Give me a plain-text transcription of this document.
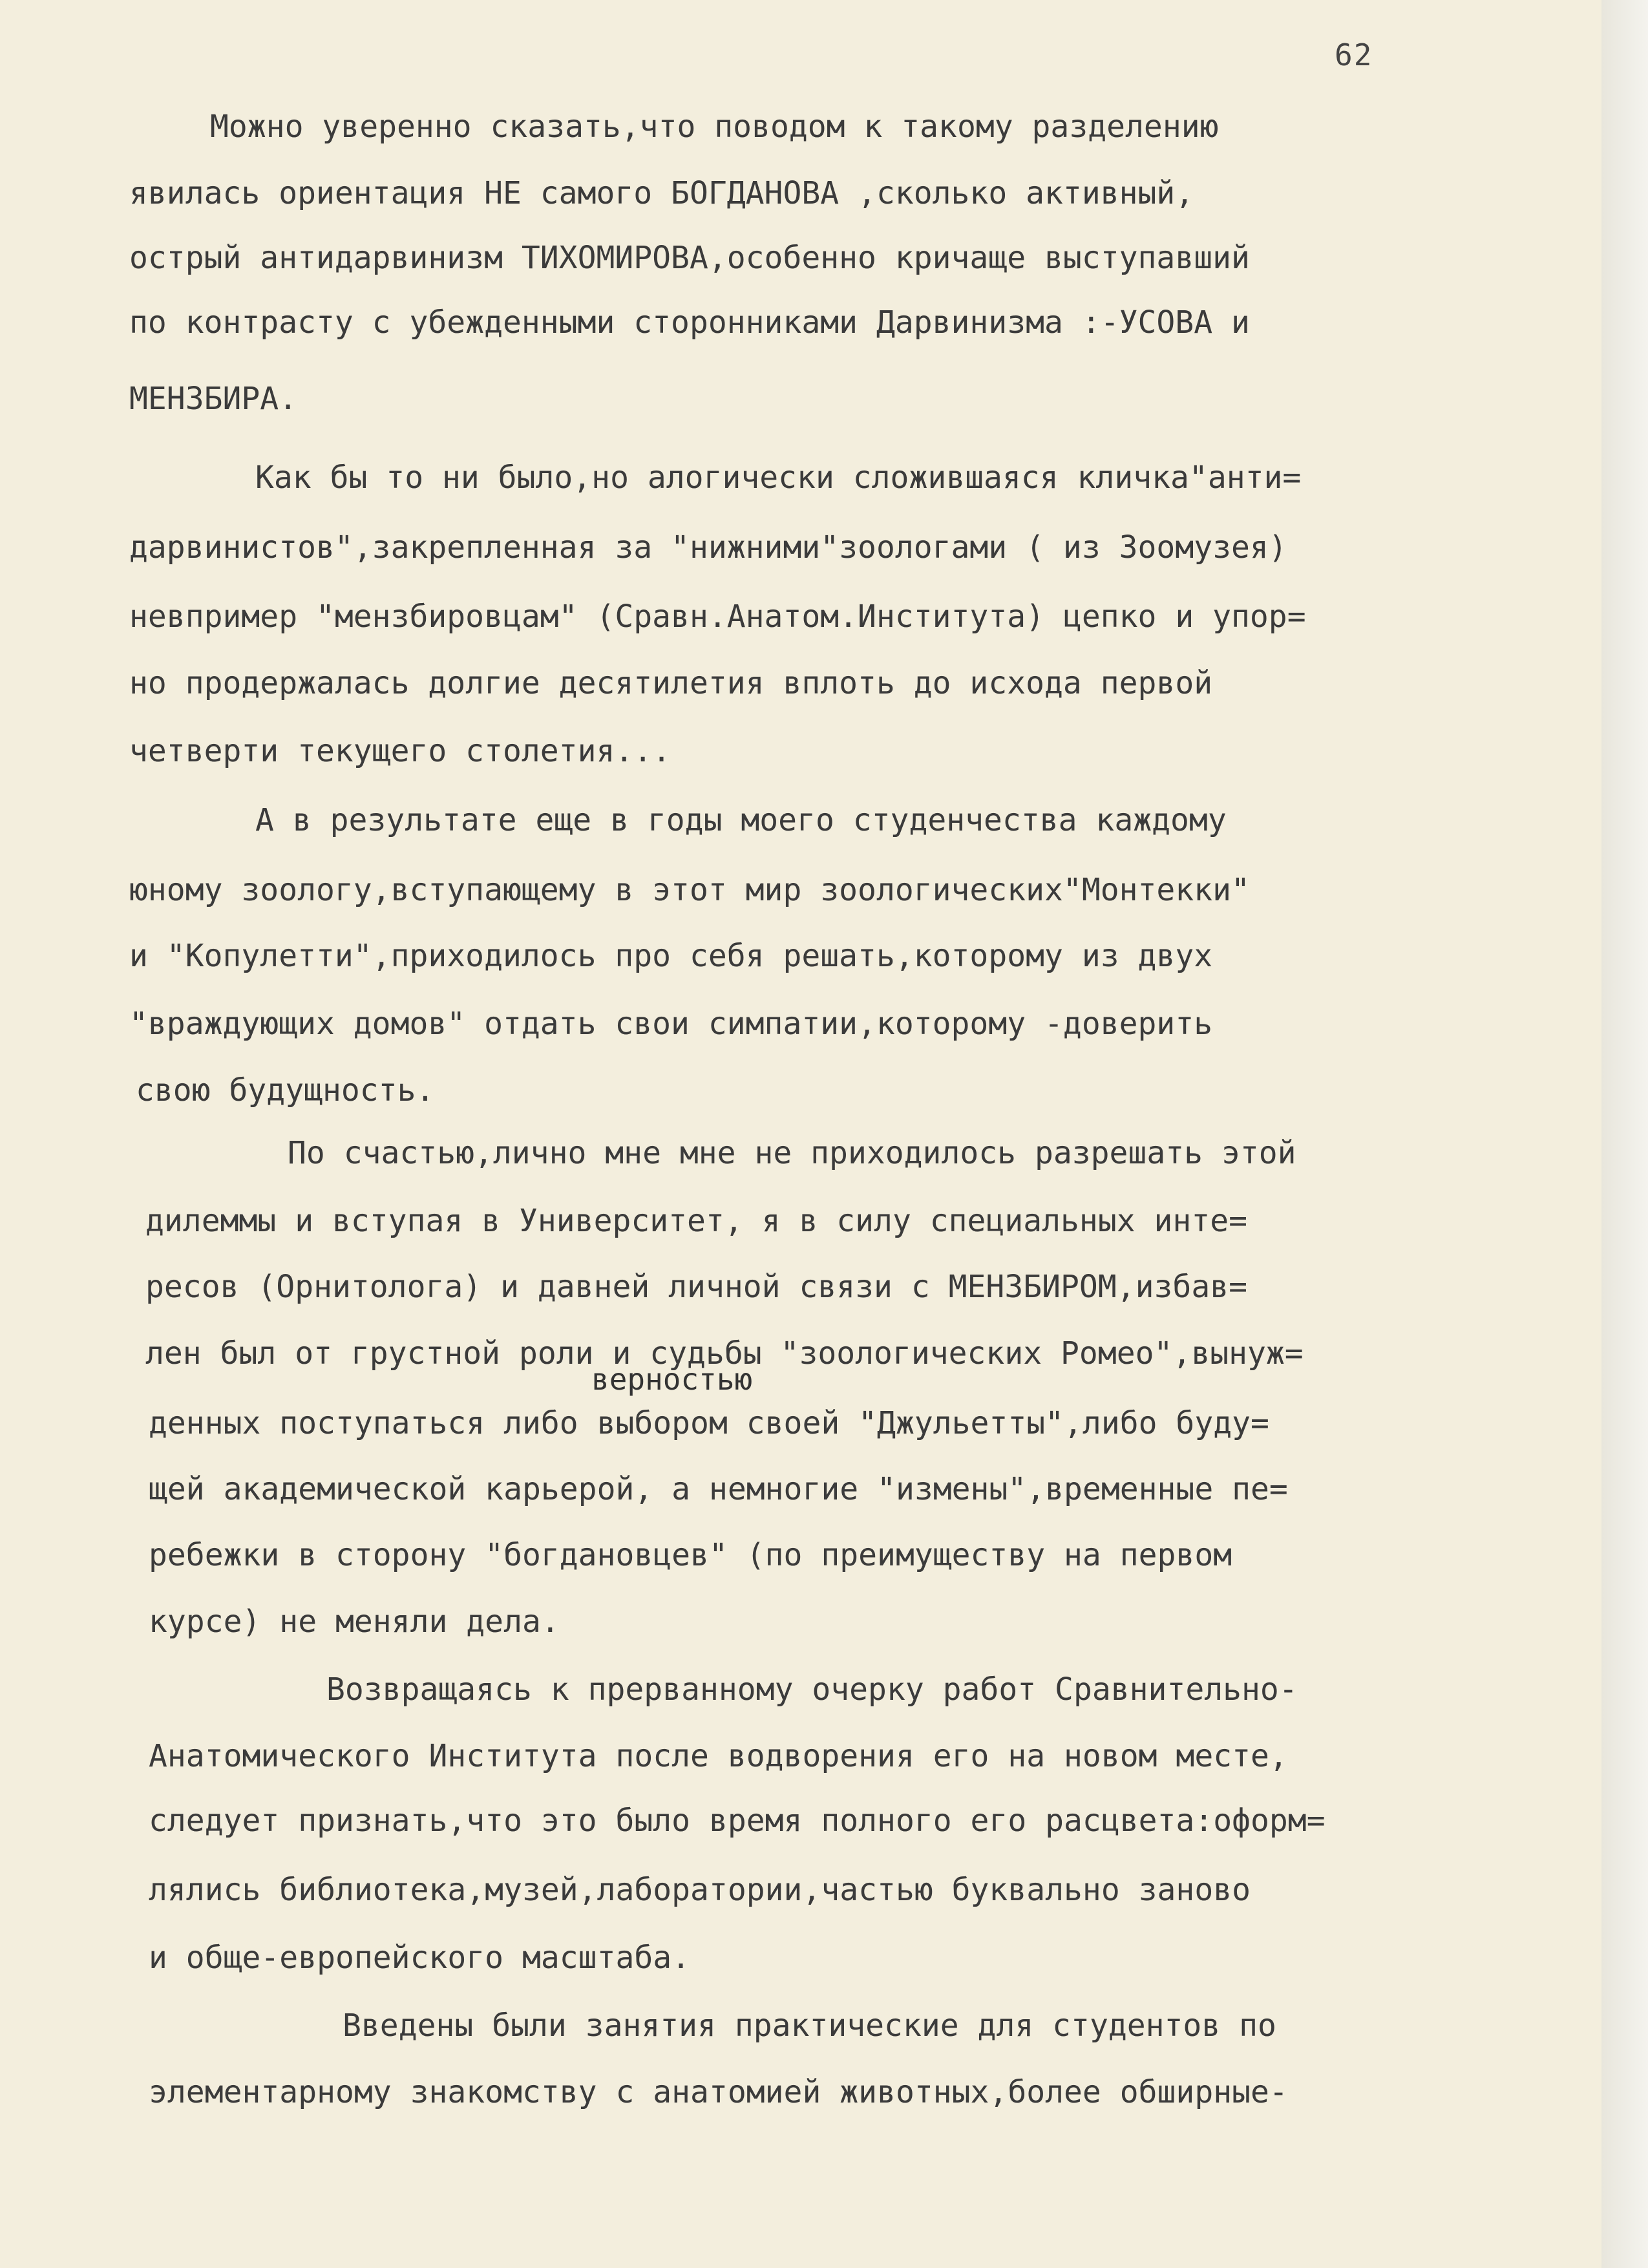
62
Можно уверенно сказать,что поводом к такому разделению
явилась ориентация НЕ самого БОГДАНОВА ,сколько активный,
острый антидарвинизм ТИХОМИРОВА,особенно кричаще выступавший
по контрасту с убежденными сторонниками Дарвинизма :-УСОВА и
МЕНЗБИРА.
Как бы то ни было,но алогически сложившаяся кличка"анти=
дарвинистов",закрепленная за "нижними"зоологами ( из Зоомузея)
невпример "мензбировцам" (Сравн.Анатом.Института) цепко и упор=
но продержалась долгие десятилетия вплоть до исхода первой
четверти текущего столетия...
А в результате еще в годы моего студенчества каждому
юному зоологу,вступающему в этот мир зоологических"Монтекки"
и "Копулетти",приходилось про себя решать,которому из двух
"враждующих домов" отдать свои симпатии,которому -доверить
свою будущность.
По счастью,лично мне мне не приходилось разрешать этой
дилеммы и вступая в Университет, я в силу специальных инте=
ресов (Орнитолога) и давней личной связи с МЕНЗБИРОМ,избав=
лен был от грустной роли и судьбы "зоологических Ромео",вынуж=
верностью
денных поступаться либо выбором своей "Джульетты",либо буду=
щей академической карьерой, а немногие "измены",временные пе=
ребежки в сторону "богдановцев" (по преимуществу на первом
курсе) не меняли дела.
Возвращаясь к прерванному очерку работ Сравнительно-
Анатомического Института после водворения его на новом месте,
следует признать,что это было время полного его расцвета:оформ=
лялись библиотека,музей,лаборатории,частью буквально заново
и обще-европейского масштаба.
Введены были занятия практические для студентов по
элементарному знакомству с анатомией животных,более обширные-
